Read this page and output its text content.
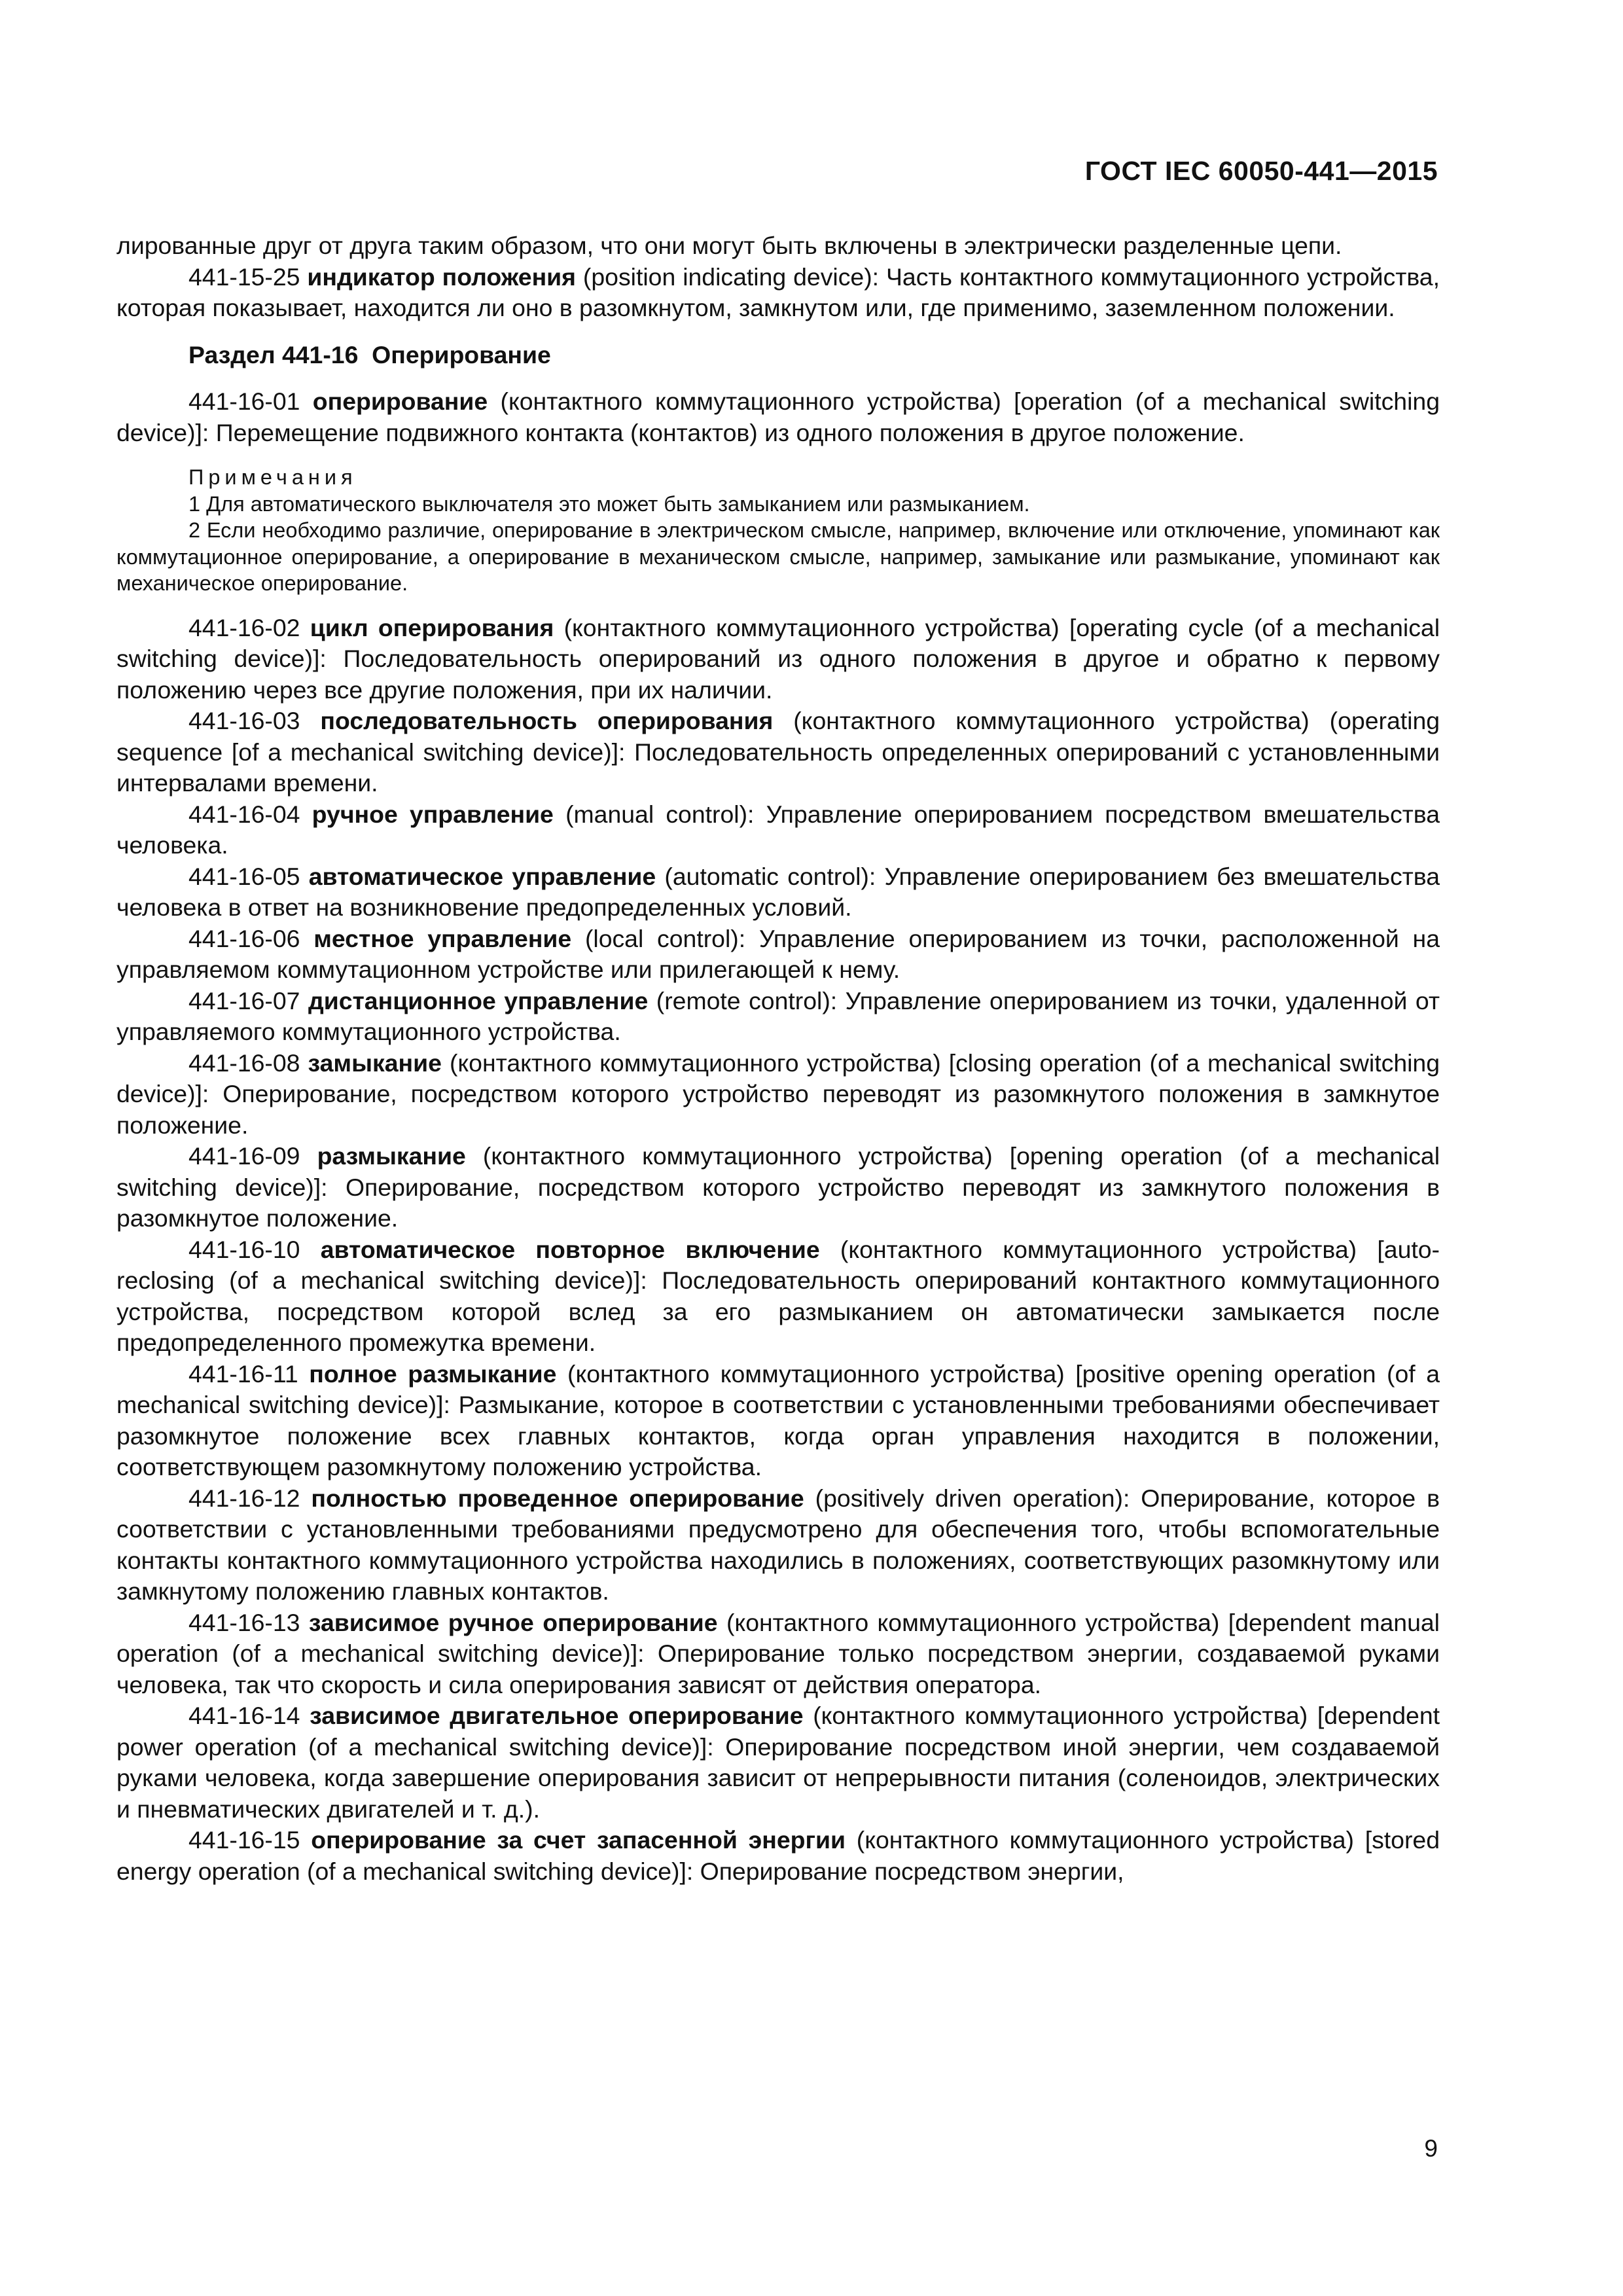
ГОСТ IEC 60050-441—2015

лированные друг от друга таким образом, что они могут быть включены в электрически разделенные цепи.

441-15-25 индикатор положения (position indicating device): Часть контактного коммутационного устройства, которая показывает, находится ли оно в разомкнутом, замкнутом или, где применимо, заземленном положении.

Раздел 441-16 Оперирование

441-16-01 оперирование (контактного коммутационного устройства) [operation (of a mechanical switching device)]: Перемещение подвижного контакта (контактов) из одного положения в другое положение.

Примечания

1 Для автоматического выключателя это может быть замыканием или размыканием.

2 Если необходимо различие, оперирование в электрическом смысле, например, включение или отключение, упоминают как коммутационное оперирование, а оперирование в механическом смысле, например, замыкание или размыкание, упоминают как механическое оперирование.

441-16-02 цикл оперирования (контактного коммутационного устройства) [operating cycle (of a mechanical switching device)]: Последовательность оперирований из одного положения в другое и обратно к первому положению через все другие положения, при их наличии.

441-16-03 последовательность оперирования (контактного коммутационного устройства) (operating sequence [of a mechanical switching device)]: Последовательность определенных оперирований с установленными интервалами времени.

441-16-04 ручное управление (manual control): Управление оперированием посредством вмешательства человека.

441-16-05 автоматическое управление (automatic control): Управление оперированием без вмешательства человека в ответ на возникновение предопределенных условий.

441-16-06 местное управление (local control): Управление оперированием из точки, расположенной на управляемом коммутационном устройстве или прилегающей к нему.

441-16-07 дистанционное управление (remote control): Управление оперированием из точки, удаленной от управляемого коммутационного устройства.

441-16-08 замыкание (контактного коммутационного устройства) [closing operation (of a mechanical switching device)]: Оперирование, посредством которого устройство переводят из разомкнутого положения в замкнутое положение.

441-16-09 размыкание (контактного коммутационного устройства) [opening operation (of a mechanical switching device)]: Оперирование, посредством которого устройство переводят из замкнутого положения в разомкнутое положение.

441-16-10 автоматическое повторное включение (контактного коммутационного устройства) [auto-reclosing (of a mechanical switching device)]: Последовательность оперирований контактного коммутационного устройства, посредством которой вслед за его размыканием он автоматически замыкается после предопределенного промежутка времени.

441-16-11 полное размыкание (контактного коммутационного устройства) [positive opening operation (of a mechanical switching device)]: Размыкание, которое в соответствии с установленными требованиями обеспечивает разомкнутое положение всех главных контактов, когда орган управления находится в положении, соответствующем разомкнутому положению устройства.

441-16-12 полностью проведенное оперирование (positively driven operation): Оперирование, которое в соответствии с установленными требованиями предусмотрено для обеспечения того, чтобы вспомогательные контакты контактного коммутационного устройства находились в положениях, соответствующих разомкнутому или замкнутому положению главных контактов.

441-16-13 зависимое ручное оперирование (контактного коммутационного устройства) [dependent manual operation (of a mechanical switching device)]: Оперирование только посредством энергии, создаваемой руками человека, так что скорость и сила оперирования зависят от действия оператора.

441-16-14 зависимое двигательное оперирование (контактного коммутационного устройства) [dependent power operation (of a mechanical switching device)]: Оперирование посредством иной энергии, чем создаваемой руками человека, когда завершение оперирования зависит от непрерывности питания (соленоидов, электрических и пневматических двигателей и т. д.).

441-16-15 оперирование за счет запасенной энергии (контактного коммутационного устройства) [stored energy operation (of a mechanical switching device)]: Оперирование посредством энергии,

9
